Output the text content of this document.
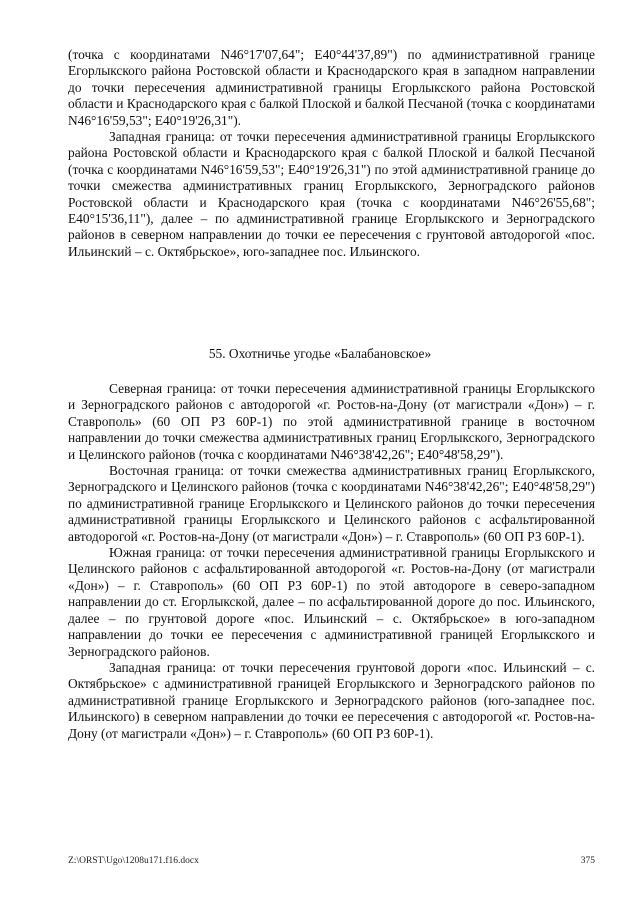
(точка с координатами N46°17'07,64"; E40°44'37,89") по административной границе Егорлыкского района Ростовской области и Краснодарского края в западном направлении до точки пересечения административной границы Егорлыкского района Ростовской области и Краснодарского края с балкой Плоской и балкой Песчаной (точка с координатами N46°16'59,53"; E40°19'26,31").

Западная граница: от точки пересечения административной границы Егорлыкского района Ростовской области и Краснодарского края с балкой Плоской и балкой Песчаной (точка с координатами N46°16'59,53"; E40°19'26,31") по этой административной границе до точки смежества административных границ Егорлыкского, Зерноградского районов Ростовской области и Краснодарского края (точка с координатами N46°26'55,68"; E40°15'36,11"), далее – по административной границе Егорлыкского и Зерноградского районов в северном направлении до точки ее пересечения с грунтовой автодорогой «пос. Ильинский – с. Октябрьское», юго-западнее пос. Ильинского.

55. Охотничье угодье «Балабановское»

Северная граница: от точки пересечения административной границы Егорлыкского и Зерноградского районов с автодорогой «г. Ростов-на-Дону (от магистрали «Дон») – г. Ставрополь» (60 ОП РЗ 60Р-1) по этой административной границе в восточном направлении до точки смежества административных границ Егорлыкского, Зерноградского и Целинского районов (точка с координатами N46°38'42,26"; E40°48'58,29").

Восточная граница: от точки смежества административных границ Егорлыкского, Зерноградского и Целинского районов (точка с координатами N46°38'42,26"; E40°48'58,29") по административной границе Егорлыкского и Целинского районов до точки пересечения административной границы Егорлыкского и Целинского районов с асфальтированной автодорогой «г. Ростов-на-Дону (от магистрали «Дон») – г. Ставрополь» (60 ОП РЗ 60Р-1).

Южная граница: от точки пересечения административной границы Егорлыкского и Целинского районов с асфальтированной автодорогой «г. Ростов-на-Дону (от магистрали «Дон») – г. Ставрополь» (60 ОП РЗ 60Р-1) по этой автодороге в северо-западном направлении до ст. Егорлыкской, далее – по асфальтированной дороге до пос. Ильинского, далее – по грунтовой дороге «пос. Ильинский – с. Октябрьское» в юго-западном направлении до точки ее пересечения с административной границей Егорлыкского и Зерноградского районов.

Западная граница: от точки пересечения грунтовой дороги «пос. Ильинский – с. Октябрьское» с административной границей Егорлыкского и Зерноградского районов по административной границе Егорлыкского и Зерноградского районов (юго-западнее пос. Ильинского) в северном направлении до точки ее пересечения с автодорогой «г. Ростов-на-Дону (от магистрали «Дон») – г. Ставрополь» (60 ОП РЗ 60Р-1).

Z:\ORST\Ugo\1208u171.f16.docx	375
